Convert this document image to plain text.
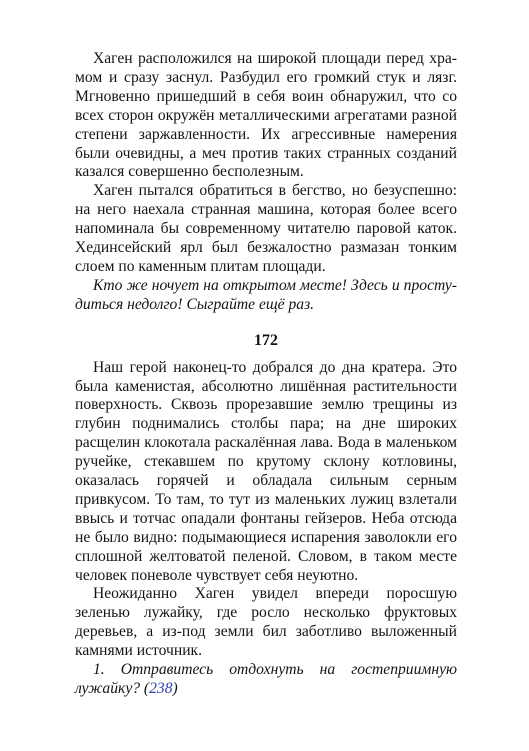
Хаген расположился на широкой площади перед храмом и сразу заснул. Разбудил его громкий стук и лязг. Мгновенно пришедший в себя воин обнаружил, что со всех сторон окружён металлическими агрегатами разной степени заржавленности. Их агрессивные намерения были очевидны, а меч против таких странных созданий казался совершенно бесполезным.

Хаген пытался обратиться в бегство, но безуспешно: на него наехала странная машина, которая более всего напоминала бы современному читателю паровой каток. Хединсейский ярл был безжалостно размазан тонким слоем по каменным плитам площади.

Кто же ночует на открытом месте! Здесь и простудиться недолго! Сыграйте ещё раз.

172

Наш герой наконец-то добрался до дна кратера. Это была каменистая, абсолютно лишённая растительности поверхность. Сквозь прорезавшие землю трещины из глубин поднимались столбы пара; на дне широких расщелин клокотала раскалённая лава. Вода в маленьком ручейке, стекавшем по крутому склону котловины, оказалась горячей и обладала сильным серным привкусом. То там, то тут из маленьких лужиц взлетали ввысь и тотчас опадали фонтаны гейзеров. Неба отсюда не было видно: подымающиеся испарения заволокли его сплошной желтоватой пеленой. Словом, в таком месте человек поневоле чувствует себя неуютно.

Неожиданно Хаген увидел впереди поросшую зеленью лужайку, где росло несколько фруктовых деревьев, а из-под земли бил заботливо выложенный камнями источник.

1. Отправитесь отдохнуть на гостеприимную лужайку? (238)
